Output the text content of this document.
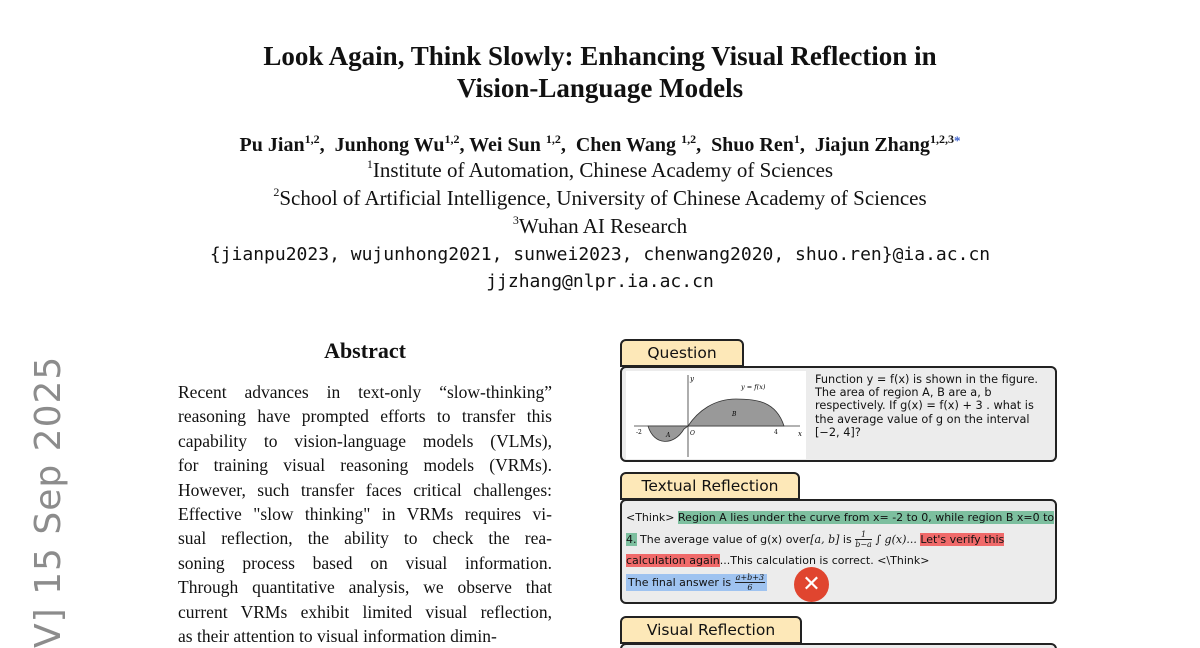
V] 15 Sep 2025
Look Again, Think Slowly: Enhancing Visual Reflection in
Vision-Language Models
Pu Jian$^{1,2}$,  Junhong Wu$^{1,2}$, Wei Sun $^{1,2}$,  Chen Wang $^{1,2}$,  Shuo Ren$^1$,  Jiajun Zhang$^{1,2,3*}$
$^1$Institute of Automation, Chinese Academy of Sciences
$^2$School of Artificial Intelligence, University of Chinese Academy of Sciences
$^3$Wuhan AI Research
{jianpu2023, wujunhong2021, sunwei2023, chenwang2020, shuo.ren}@ia.ac.cn
jjzhang@nlpr.ia.ac.cn
Abstract
Recent advances in text-only “slow-thinking”
reasoning have prompted efforts to transfer this
capability to vision-language models (VLMs),
for training visual reasoning models (VRMs).
However, such transfer faces critical challenges:
Effective "slow thinking" in VRMs requires vi-
sual reflection, the ability to check the rea-
soning process based on visual information.
Through quantitative analysis, we observe that
current VRMs exhibit limited visual reflection,
as their attention to visual information dimin-
Question
y
y = f(x)
x
A
B
-2	O	4
Function y = f(x) is shown in the figure. The area of region A, B are a, b respectively. If g(x) = f(x) + 3 . what is the average value of g on the interval [−2, 4]?
Textual Reflection
<Think> Region A lies under the curve from x= -2 to 0, while region B x=0 to 4. The average value of g(x) over[a, b] is $\frac{1}{b-a}$ ∫ g(x)... Let's verify this calculation again...This calculation is correct. <\Think>
The final answer is $\frac{a+b+3}{6}$	✕
Visual Reflection
